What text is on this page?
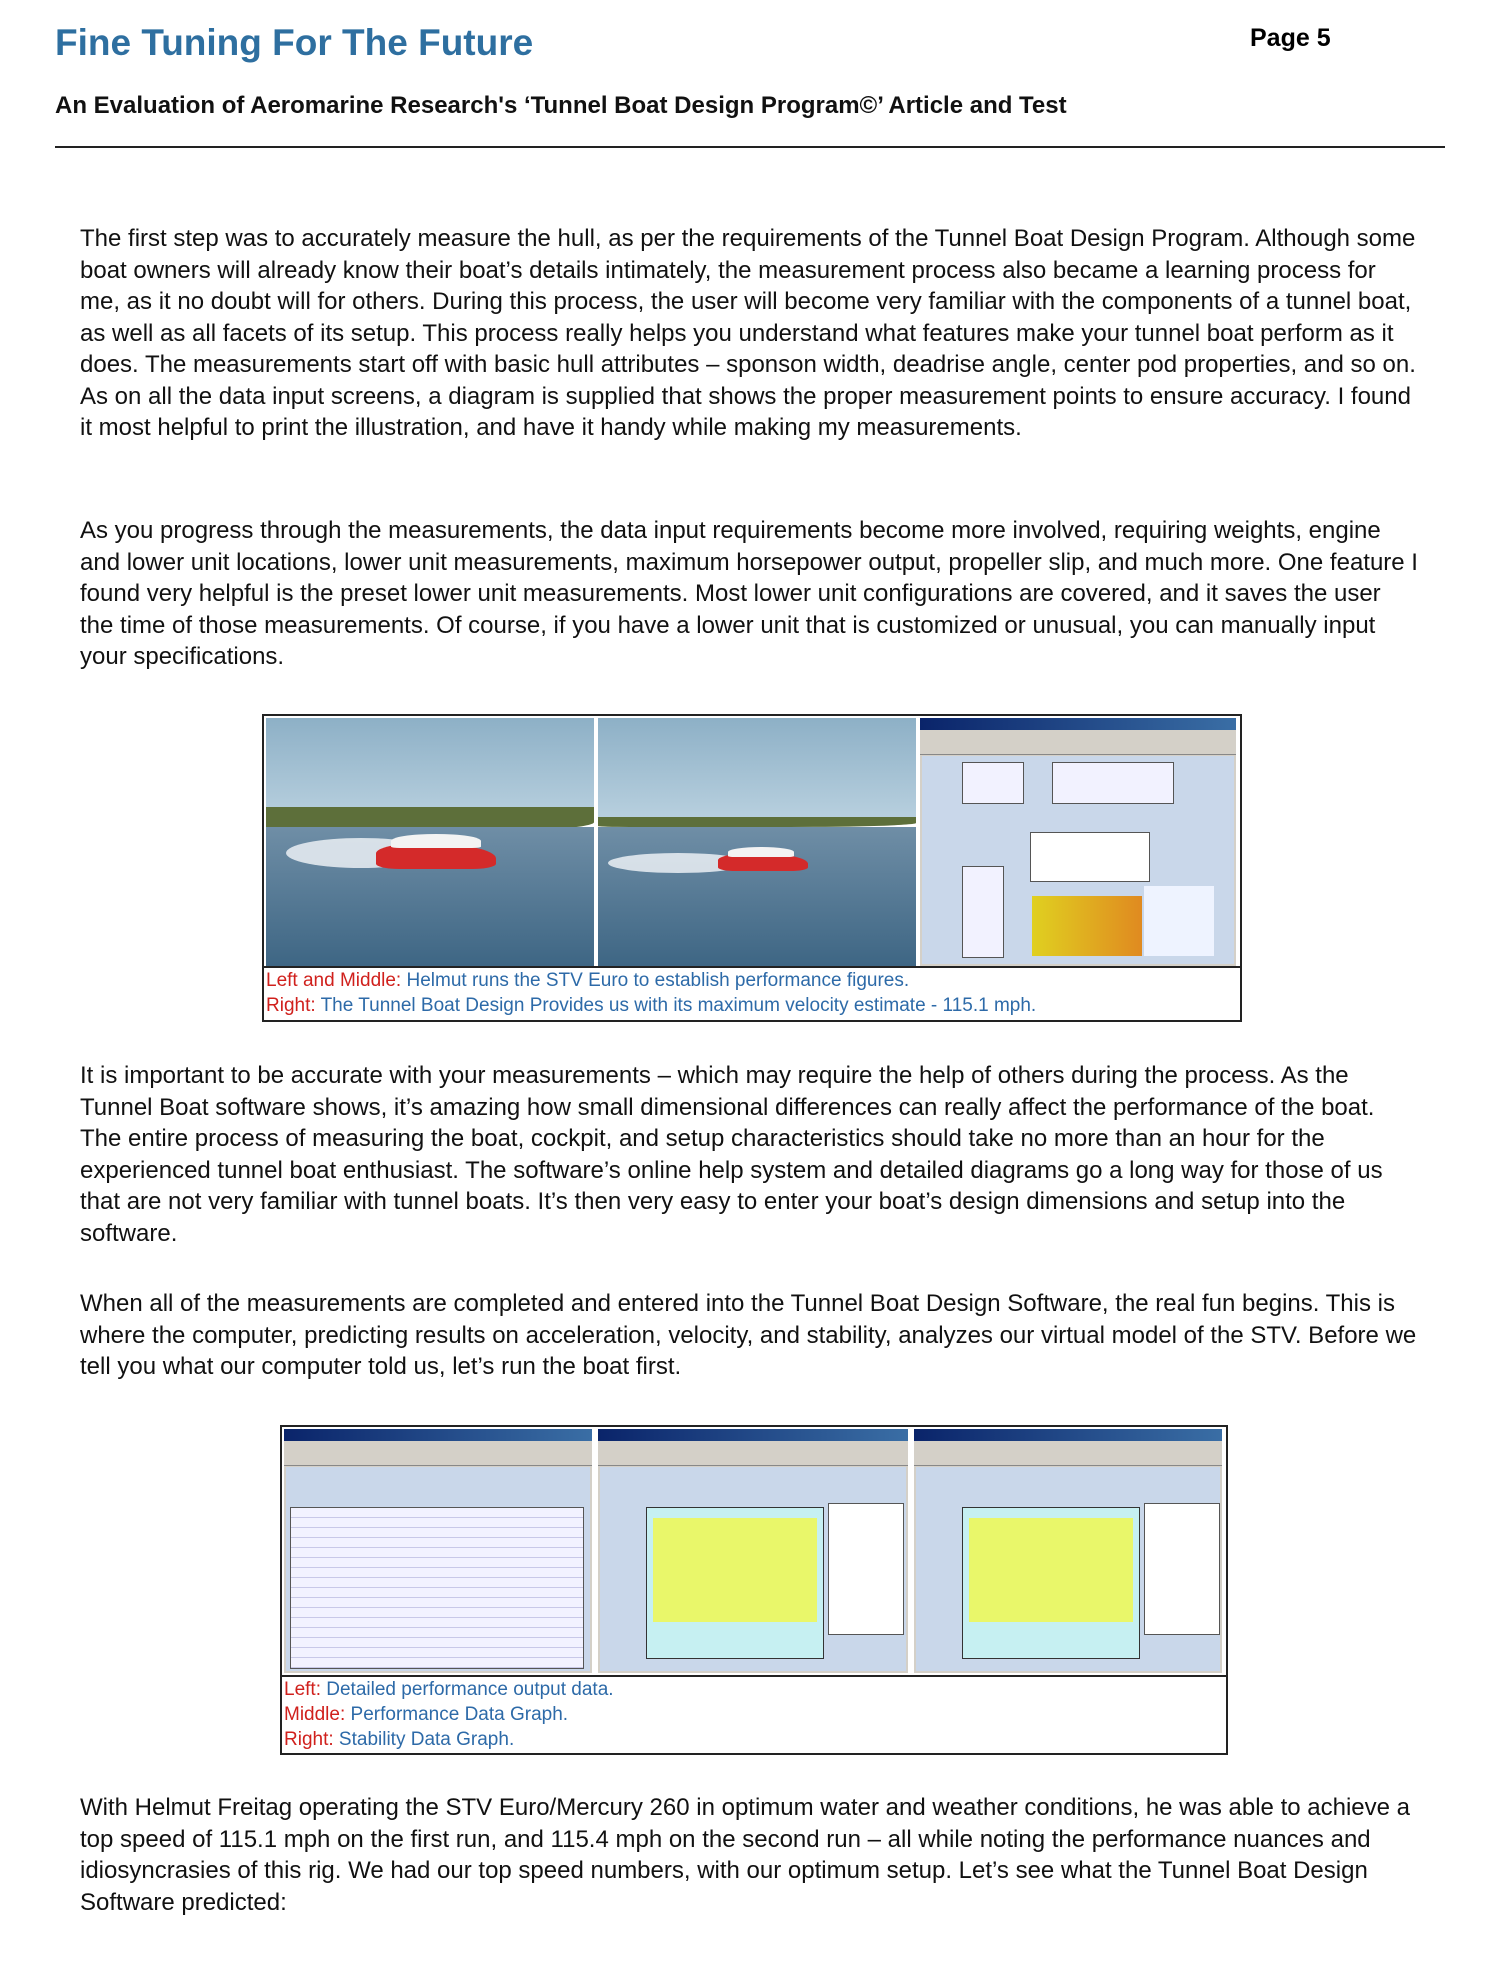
Fine Tuning For The Future	Page 5
An Evaluation of Aeromarine Research's ‘Tunnel Boat Design Program©’ Article and Test

The first step was to accurately measure the hull, as per the requirements of the Tunnel Boat Design Program. Although some boat owners will already know their boat’s details intimately, the measurement process also became a learning process for me, as it no doubt will for others. During this process, the user will become very familiar with the components of a tunnel boat, as well as all facets of its setup. This process really helps you understand what features make your tunnel boat perform as it does. The measurements start off with basic hull attributes – sponson width, deadrise angle, center pod properties, and so on. As on all the data input screens, a diagram is supplied that shows the proper measurement points to ensure accuracy. I found it most helpful to print the illustration, and have it handy while making my measurements.

As you progress through the measurements, the data input requirements become more involved, requiring weights, engine and lower unit locations, lower unit measurements, maximum horsepower output, propeller slip, and much more. One feature I found very helpful is the preset lower unit measurements. Most lower unit configurations are covered, and it saves the user the time of those measurements. Of course, if you have a lower unit that is customized or unusual, you can manually input your specifications.

Left and Middle: Helmut runs the STV Euro to establish performance figures.
Right: The Tunnel Boat Design Provides us with its maximum velocity estimate - 115.1 mph.

It is important to be accurate with your measurements – which may require the help of others during the process. As the Tunnel Boat software shows, it’s amazing how small dimensional differences can really affect the performance of the boat. The entire process of measuring the boat, cockpit, and setup characteristics should take no more than an hour for the experienced tunnel boat enthusiast. The software’s online help system and detailed diagrams go a long way for those of us that are not very familiar with tunnel boats. It’s then very easy to enter your boat’s design dimensions and setup into the software.

When all of the measurements are completed and entered into the Tunnel Boat Design Software, the real fun begins. This is where the computer, predicting results on acceleration, velocity, and stability, analyzes our virtual model of the STV. Before we tell you what our computer told us, let’s run the boat first.

Left: Detailed performance output data.
Middle: Performance Data Graph.
Right: Stability Data Graph.

With Helmut Freitag operating the STV Euro/Mercury 260 in optimum water and weather conditions, he was able to achieve a top speed of 115.1 mph on the first run, and 115.4 mph on the second run – all while noting the performance nuances and idiosyncrasies of this rig. We had our top speed numbers, with our optimum setup. Let’s see what the Tunnel Boat Design Software predicted:
